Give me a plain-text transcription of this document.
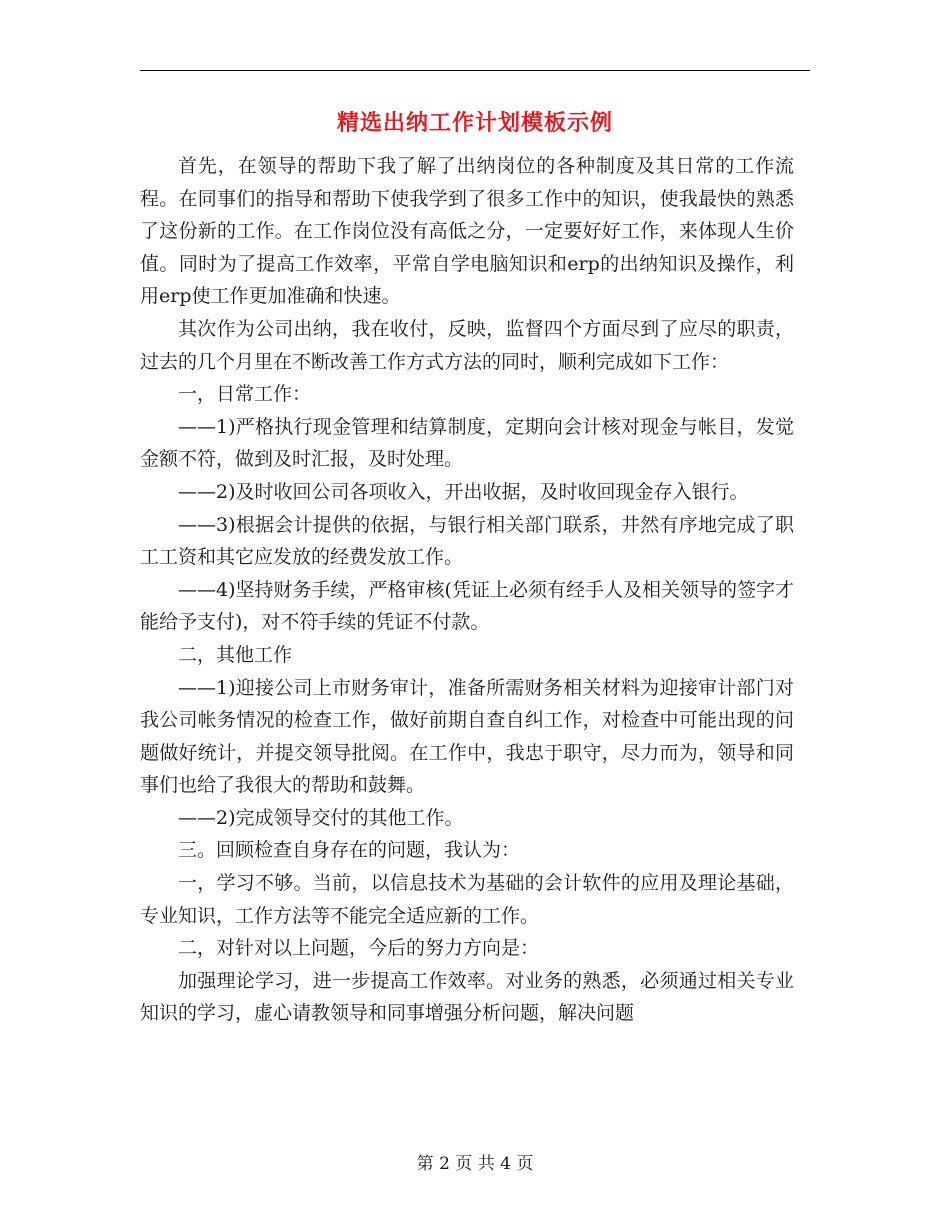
精选出纳工作计划模板示例

首先，在领导的帮助下我了解了出纳岗位的各种制度及其日常的工作流程。在同事们的指导和帮助下使我学到了很多工作中的知识，使我最快的熟悉了这份新的工作。在工作岗位没有高低之分，一定要好好工作，来体现人生价值。同时为了提高工作效率，平常自学电脑知识和erp的出纳知识及操作，利用erp使工作更加准确和快速。

其次作为公司出纳，我在收付，反映，监督四个方面尽到了应尽的职责，过去的几个月里在不断改善工作方式方法的同时，顺利完成如下工作：

一，日常工作：

——1)严格执行现金管理和结算制度，定期向会计核对现金与帐目，发觉金额不符，做到及时汇报，及时处理。

——2)及时收回公司各项收入，开出收据，及时收回现金存入银行。

——3)根据会计提供的依据，与银行相关部门联系，井然有序地完成了职工工资和其它应发放的经费发放工作。

——4)坚持财务手续，严格审核(凭证上必须有经手人及相关领导的签字才能给予支付)，对不符手续的凭证不付款。

二，其他工作

——1)迎接公司上市财务审计，准备所需财务相关材料为迎接审计部门对我公司帐务情况的检查工作，做好前期自查自纠工作，对检查中可能出现的问题做好统计，并提交领导批阅。在工作中，我忠于职守，尽力而为，领导和同事们也给了我很大的帮助和鼓舞。

——2)完成领导交付的其他工作。

三。回顾检查自身存在的问题，我认为：

一，学习不够。当前，以信息技术为基础的会计软件的应用及理论基础，专业知识，工作方法等不能完全适应新的工作。

二，对针对以上问题，今后的努力方向是：

加强理论学习，进一步提高工作效率。对业务的熟悉，必须通过相关专业知识的学习，虚心请教领导和同事增强分析问题，解决问题

第 2 页 共 4 页
